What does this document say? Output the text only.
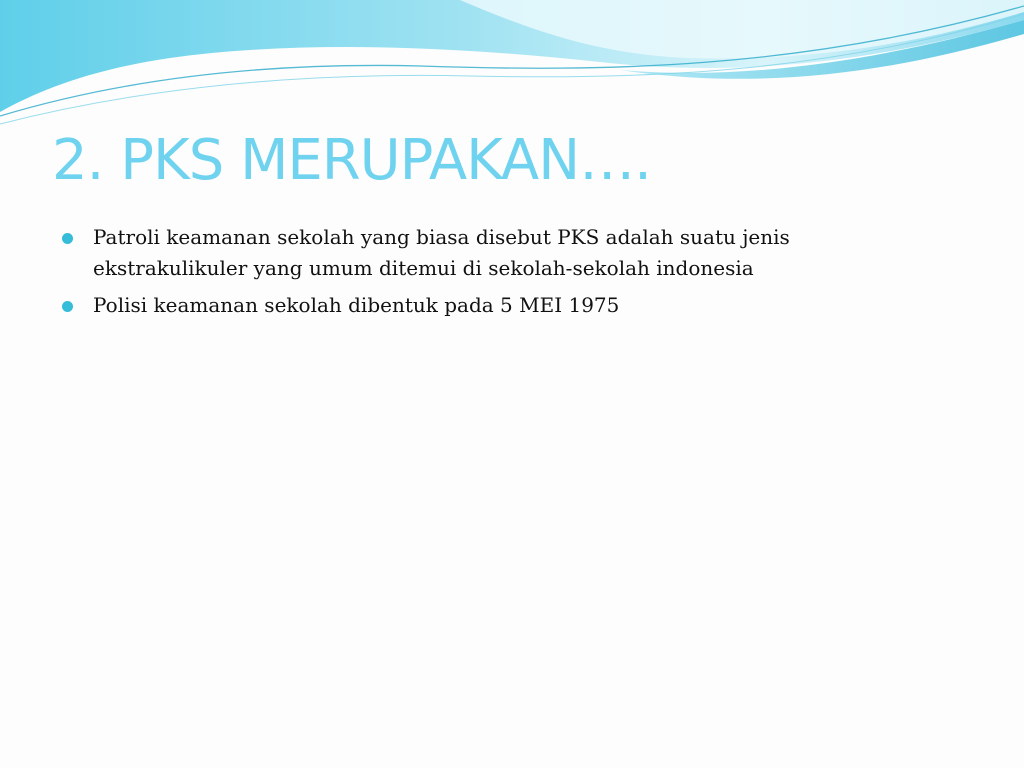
2. PKS MERUPAKAN….
Patroli keamanan sekolah yang biasa disebut PKS adalah suatu jenis ekstrakulikuler yang umum ditemui di sekolah-sekolah indonesia
Polisi keamanan sekolah dibentuk pada 5 MEI 1975
